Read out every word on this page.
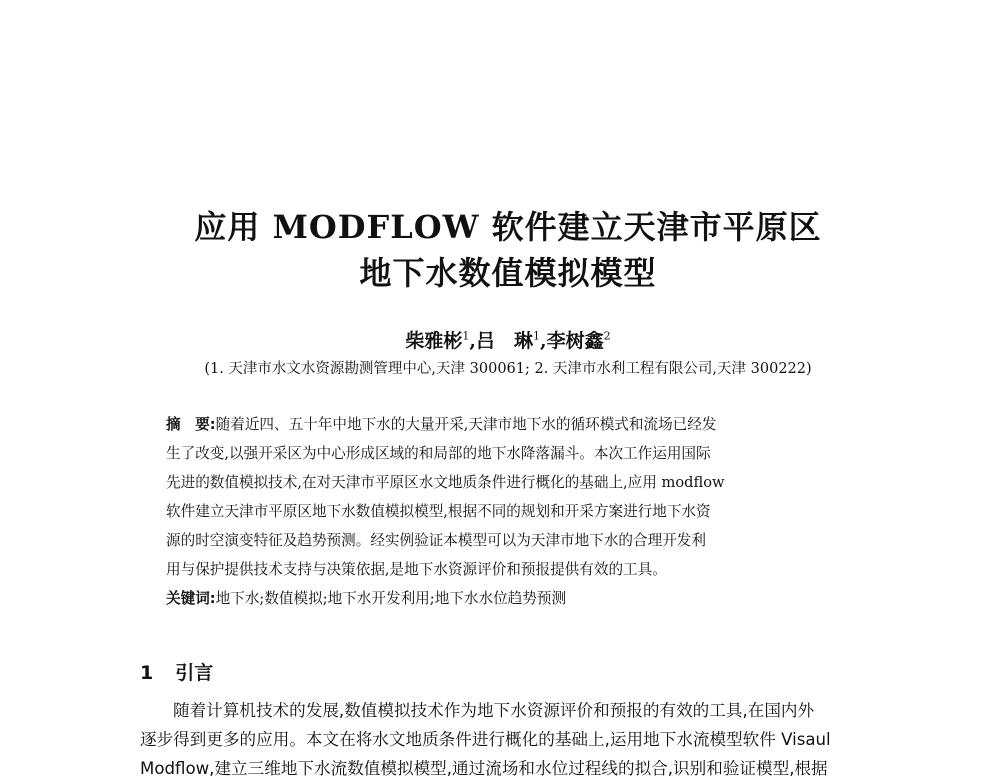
应用 MODFLOW 软件建立天津市平原区
地下水数值模拟模型
柴雅彬$^1$,吕　琳$^1$,李树鑫$^2$
(1. 天津市水文水资源勘测管理中心,天津 300061; 2. 天津市水利工程有限公司,天津 300222)

摘　要:随着近四、五十年中地下水的大量开采,天津市地下水的循环模式和流场已经发

生了改变,以强开采区为中心形成区域的和局部的地下水降落漏斗。本次工作运用国际

先进的数值模拟技术,在对天津市平原区水文地质条件进行概化的基础上,应用 modflow

软件建立天津市平原区地下水数值模拟模型,根据不同的规划和开采方案进行地下水资

源的时空演变特征及趋势预测。经实例验证本模型可以为天津市地下水的合理开发利

用与保护提供技术支持与决策依据,是地下水资源评价和预报提供有效的工具。

关键词:地下水;数值模拟;地下水开发利用;地下水水位趋势预测

1 引言

随着计算机技术的发展,数值模拟技术作为地下水资源评价和预报的有效的工具,在国内外

逐步得到更多的应用。本文在将水文地质条件进行概化的基础上,运用地下水流模型软件 Visaul

Modflow,建立三维地下水流数值模拟模型,通过流场和水位过程线的拟合,识别和验证模型,根据
